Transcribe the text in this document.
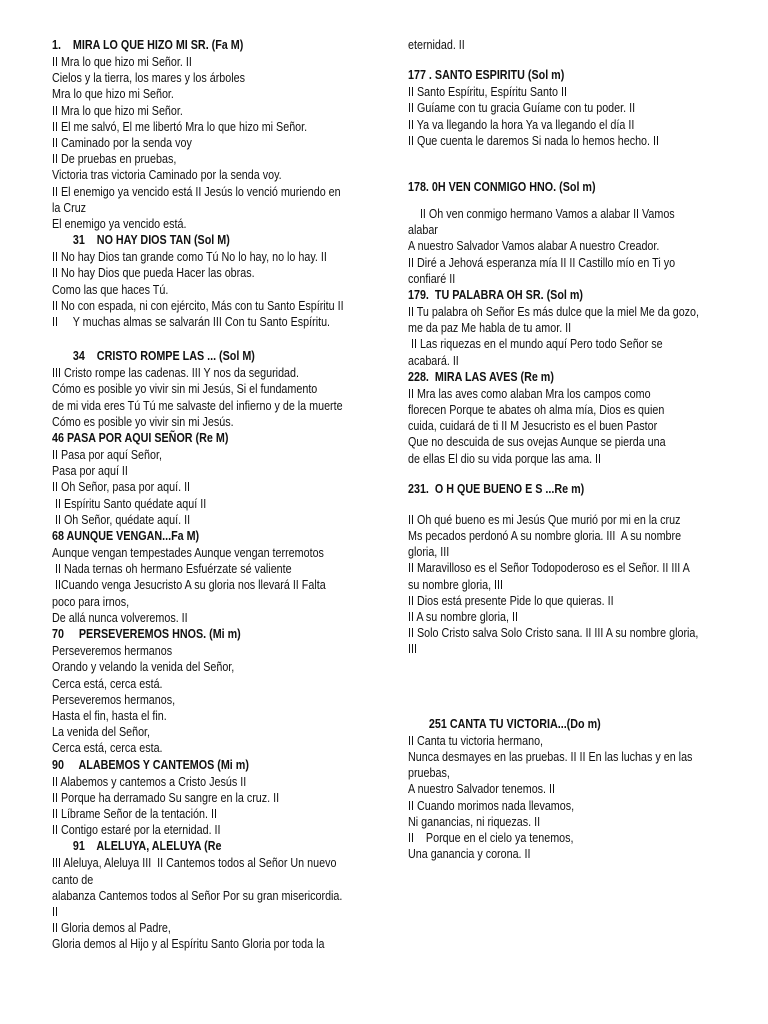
1.    MIRA LO QUE HIZO MI SR. (Fa M)
II Mra lo que hizo mi Señor. II
Cielos y la tierra, los mares y los árboles
Mra lo que hizo mi Señor.
II Mra lo que hizo mi Señor.
II El me salvó, El me libertó Mra lo que hizo mi Señor.
II Caminado por la senda voy
II De pruebas en pruebas,
Victoria tras victoria Caminado por la senda voy.
II El enemigo ya vencido está II Jesús lo venció muriendo en
la Cruz
El enemigo ya vencido está.
31    NO HAY DIOS TAN (Sol M)
II No hay Dios tan grande como Tú No lo hay, no lo hay. II
II No hay Dios que pueda Hacer las obras.
Como las que haces Tú.
II No con espada, ni con ejército, Más con tu Santo Espíritu II
II     Y muchas almas se salvarán III Con tu Santo Espíritu.
34    CRISTO ROMPE LAS ... (Sol M)
III Cristo rompe las cadenas. III Y nos da seguridad.
Cómo es posible yo vivir sin mi Jesús, Si el fundamento
de mi vida eres Tú Tú me salvaste del infierno y de la muerte
Cómo es posible yo vivir sin mi Jesús.
46 PASA POR AQUI SEÑOR (Re M)
II Pasa por aquí Señor,
Pasa por aquí II
II Oh Señor, pasa por aquí. II
II Espíritu Santo quédate aquí II
II Oh Señor, quédate aquí. II
68 AUNQUE VENGAN...Fa M)
Aunque vengan tempestades Aunque vengan terremotos
II Nada ternas oh hermano Esfuérzate sé valiente
IICuando venga Jesucristo A su gloria nos llevará II Falta
poco para irnos,
De allá nunca volveremos. II
70     PERSEVEREMOS HNOS. (Mi m)
Perseveremos hermanos
Orando y velando la venida del Señor,
Cerca está, cerca está.
Perseveremos hermanos,
Hasta el fin, hasta el fin.
La venida del Señor,
Cerca está, cerca esta.
90     ALABEMOS Y CANTEMOS (Mi m)
II Alabemos y cantemos a Cristo Jesús II
II Porque ha derramado Su sangre en la cruz. II
II Líbrame Señor de la tentación. II
II Contigo estaré por la eternidad. II
91    ALELUYA, ALELUYA (Re
III Aleluya, Aleluya III  II Cantemos todos al Señor Un nuevo
canto de
alabanza Cantemos todos al Señor Por su gran misericordia.
II
II Gloria demos al Padre,
Gloria demos al Hijo y al Espíritu Santo Gloria por toda la
eternidad. II
177 . SANTO ESPIRITU (Sol m)
II Santo Espíritu, Espíritu Santo II
II Guíame con tu gracia Guíame con tu poder. II
II Ya va llegando la hora Ya va llegando el día II
II Que cuenta le daremos Si nada lo hemos hecho. II
178. 0H VEN CONMIGO HNO. (Sol m)
II Oh ven conmigo hermano Vamos a alabar II Vamos
alabar
A nuestro Salvador Vamos alabar A nuestro Creador.
II Diré a Jehová esperanza mía II II Castillo mío en Ti yo
confiaré II
179.  TU PALABRA OH SR. (Sol m)
II Tu palabra oh Señor Es más dulce que la miel Me da gozo,
me da paz Me habla de tu amor. II
II Las riquezas en el mundo aquí Pero todo Señor se
acabará. II
228.  MIRA LAS AVES (Re m)
II Mra las aves como alaban Mra los campos como
florecen Porque te abates oh alma mía, Dios es quien
cuida, cuidará de ti II M Jesucristo es el buen Pastor
Que no descuida de sus ovejas Aunque se pierda una
de ellas El dio su vida porque las ama. II
231.  O H QUE BUENO E S ...Re m)
II Oh qué bueno es mi Jesús Que murió por mi en la cruz
Ms pecados perdonó A su nombre gloria. III  A su nombre
gloria, III
II Maravilloso es el Señor Todopoderoso es el Señor. II III A
su nombre gloria, III
II Dios está presente Pide lo que quieras. II
II A su nombre gloria, II
II Solo Cristo salva Solo Cristo sana. II III A su nombre gloria,
III
251 CANTA TU VICTORIA...(Do m)
II Canta tu victoria hermano,
Nunca desmayes en las pruebas. II II En las luchas y en las
pruebas,
A nuestro Salvador tenemos. II
II Cuando morimos nada llevamos,
Ni ganancias, ni riquezas. II
II    Porque en el cielo ya tenemos,
Una ganancia y corona. II
